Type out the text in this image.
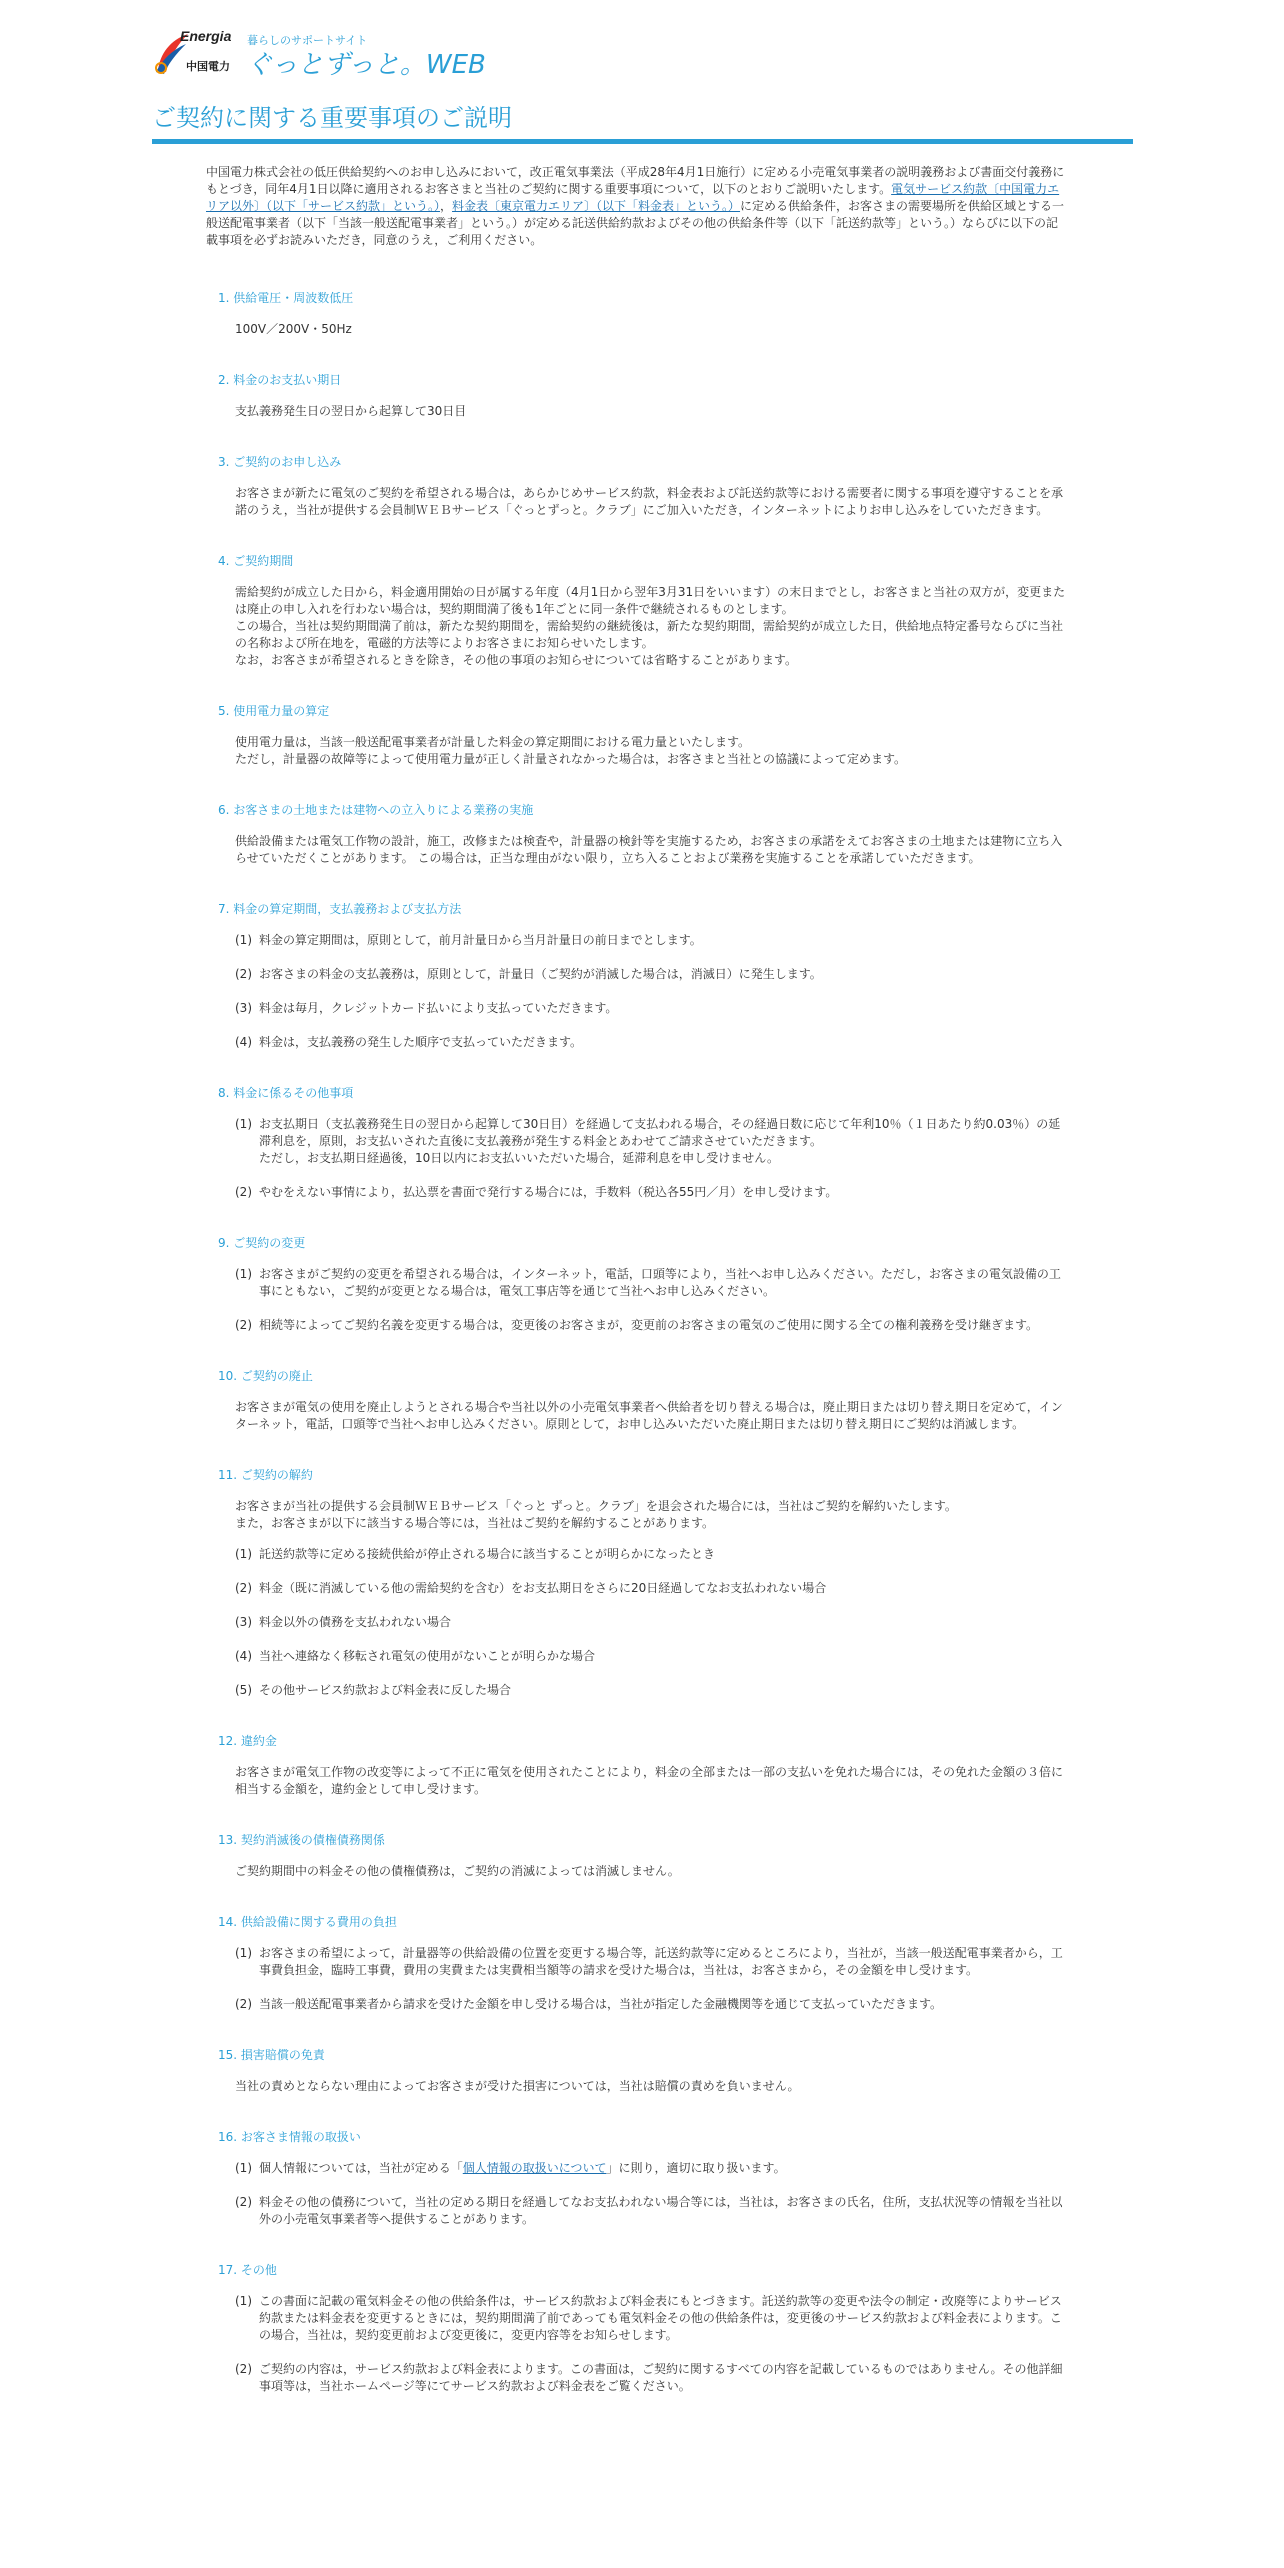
Energia
中国電力
暮らしのサポートサイト
ぐっとずっと。WEB
ご契約に関する重要事項のご説明
中国電力株式会社の低圧供給契約へのお申し込みにおいて，改正電気事業法（平成28年4月1日施行）に定める小売電気事業者の説明義務および書面交付義務にもとづき，同年4月1日以降に適用されるお客さまと当社のご契約に関する重要事項について，以下のとおりご説明いたします。電気サービス約款〔中国電力エリア以外〕（以下「サービス約款」という。），料金表〔東京電力エリア〕（以下「料金表」という。）に定める供給条件，お客さまの需要場所を供給区域とする一般送配電事業者（以下「当該一般送配電事業者」という。）が定める託送供給約款およびその他の供給条件等（以下「託送約款等」という。）ならびに以下の記載事項を必ずお読みいただき，同意のうえ，ご利用ください。
1. 供給電圧・周波数低圧

100V／200V・50Hz

2. 料金のお支払い期日

支払義務発生日の翌日から起算して30日目

3. ご契約のお申し込み

お客さまが新たに電気のご契約を希望される場合は，あらかじめサービス約款，料金表および託送約款等における需要者に関する事項を遵守することを承諾のうえ，当社が提供する会員制ＷＥＢサービス「ぐっとずっと。クラブ」にご加入いただき，インターネットによりお申し込みをしていただきます。

4. ご契約期間

需給契約が成立した日から，料金適用開始の日が属する年度（4月1日から翌年3月31日をいいます）の末日までとし，お客さまと当社の双方が，変更または廃止の申し入れを行わない場合は，契約期間満了後も1年ごとに同一条件で継続されるものとします。

この場合，当社は契約期間満了前は，新たな契約期間を，需給契約の継続後は，新たな契約期間，需給契約が成立した日，供給地点特定番号ならびに当社の名称および所在地を，電磁的方法等によりお客さまにお知らせいたします。

なお，お客さまが希望されるときを除き，その他の事項のお知らせについては省略することがあります。

5. 使用電力量の算定

使用電力量は，当該一般送配電事業者が計量した料金の算定期間における電力量といたします。

ただし，計量器の故障等によって使用電力量が正しく計量されなかった場合は，お客さまと当社との協議によって定めます。

6. お客さまの土地または建物への立入りによる業務の実施

供給設備または電気工作物の設計，施工，改修または検査や，計量器の検針等を実施するため，お客さまの承諾をえてお客さまの土地または建物に立ち入らせていただくことがあります。 この場合は，正当な理由がない限り，立ち入ることおよび業務を実施することを承諾していただきます。

7. 料金の算定期間，支払義務および支払方法
(1) 料金の算定期間は，原則として，前月計量日から当月計量日の前日までとします。
(2) お客さまの料金の支払義務は，原則として，計量日（ご契約が消滅した場合は，消滅日）に発生します。
(3) 料金は毎月，クレジットカード払いにより支払っていただきます。
(4) 料金は，支払義務の発生した順序で支払っていただきます。
8. 料金に係るその他事項
(1) お支払期日（支払義務発生日の翌日から起算して30日目）を経過して支払われる場合，その経過日数に応じて年利10％（１日あたり約0.03％）の延滞利息を，原則，お支払いされた直後に支払義務が発生する料金とあわせてご請求させていただきます。
ただし，お支払期日経過後，10日以内にお支払いいただいた場合，延滞利息を申し受けません。
(2) やむをえない事情により，払込票を書面で発行する場合には，手数料（税込各55円／月）を申し受けます。
9. ご契約の変更
(1) お客さまがご契約の変更を希望される場合は，インターネット，電話，口頭等により，当社へお申し込みください。ただし，お客さまの電気設備の工事にともない，ご契約が変更となる場合は，電気工事店等を通じて当社へお申し込みください。
(2) 相続等によってご契約名義を変更する場合は，変更後のお客さまが，変更前のお客さまの電気のご使用に関する全ての権利義務を受け継ぎます。
10. ご契約の廃止

お客さまが電気の使用を廃止しようとされる場合や当社以外の小売電気事業者へ供給者を切り替える場合は，廃止期日または切り替え期日を定めて，インターネット，電話，口頭等で当社へお申し込みください。原則として，お申し込みいただいた廃止期日または切り替え期日にご契約は消滅します。

11. ご契約の解約

お客さまが当社の提供する会員制ＷＥＢサービス「ぐっと ずっと。クラブ」を退会された場合には，当社はご契約を解約いたします。

また，お客さまが以下に該当する場合等には，当社はご契約を解約することがあります。

(1) 託送約款等に定める接続供給が停止される場合に該当することが明らかになったとき
(2) 料金（既に消滅している他の需給契約を含む）をお支払期日をさらに20日経過してなお支払われない場合
(3) 料金以外の債務を支払われない場合
(4) 当社へ連絡なく移転され電気の使用がないことが明らかな場合
(5) その他サービス約款および料金表に反した場合
12. 違約金

お客さまが電気工作物の改変等によって不正に電気を使用されたことにより，料金の全部または一部の支払いを免れた場合には，その免れた金額の３倍に相当する金額を，違約金として申し受けます。

13. 契約消滅後の債権債務関係

ご契約期間中の料金その他の債権債務は，ご契約の消滅によっては消滅しません。

14. 供給設備に関する費用の負担
(1) お客さまの希望によって，計量器等の供給設備の位置を変更する場合等，託送約款等に定めるところにより，当社が，当該一般送配電事業者から，工事費負担金，臨時工事費，費用の実費または実費相当額等の請求を受けた場合は，当社は，お客さまから，その金額を申し受けます。
(2) 当該一般送配電事業者から請求を受けた金額を申し受ける場合は，当社が指定した金融機関等を通じて支払っていただきます。
15. 損害賠償の免責

当社の責めとならない理由によってお客さまが受けた損害については，当社は賠償の責めを負いません。

16. お客さま情報の取扱い
(1) 個人情報については，当社が定める「個人情報の取扱いについて」に則り，適切に取り扱います。
(2) 料金その他の債務について，当社の定める期日を経過してなお支払われない場合等には，当社は，お客さまの氏名，住所，支払状況等の情報を当社以外の小売電気事業者等へ提供することがあります。
17. その他
(1) この書面に記載の電気料金その他の供給条件は，サービス約款および料金表にもとづきます。託送約款等の変更や法令の制定・改廃等によりサービス約款または料金表を変更するときには，契約期間満了前であっても電気料金その他の供給条件は，変更後のサービス約款および料金表によります。この場合，当社は，契約変更前および変更後に，変更内容等をお知らせします。
(2) ご契約の内容は，サービス約款および料金表によります。この書面は，ご契約に関するすべての内容を記載しているものではありません。その他詳細事項等は，当社ホームページ等にてサービス約款および料金表をご覧ください。
